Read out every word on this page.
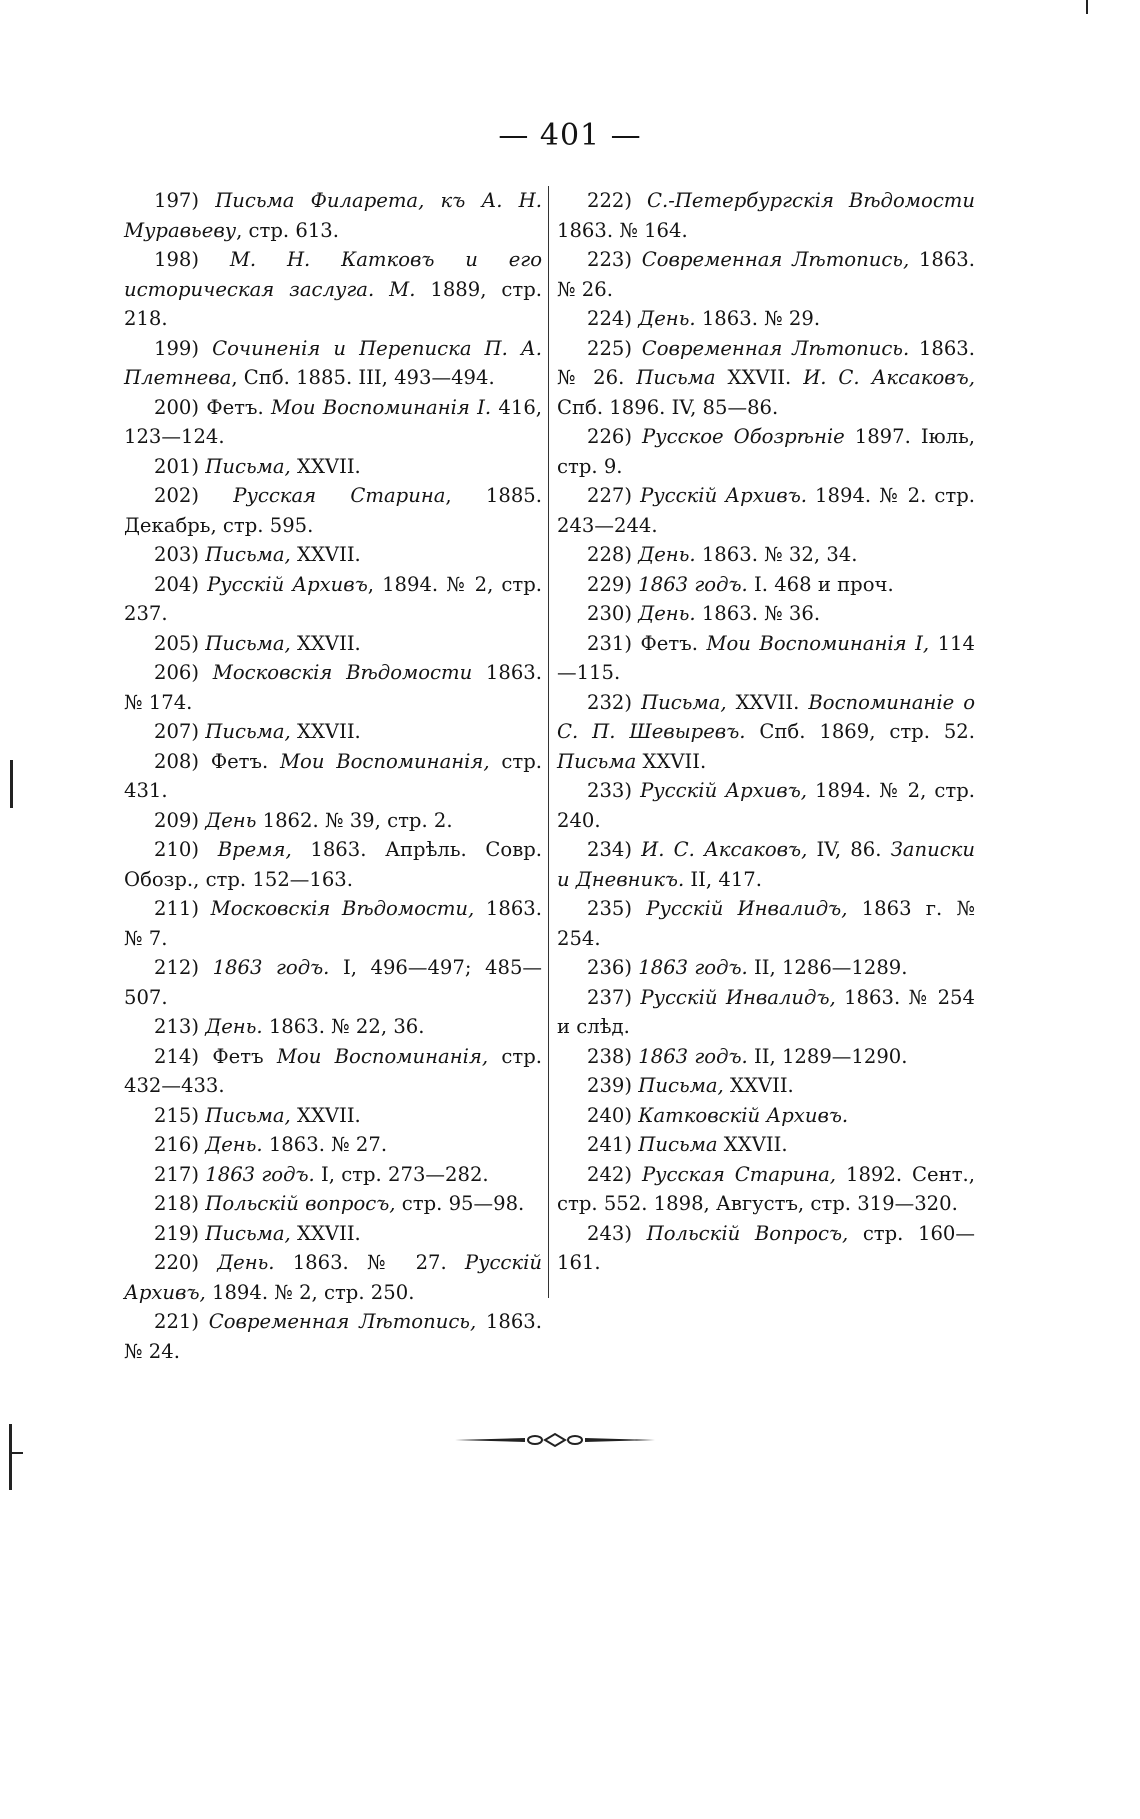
— 401 —

197) Письма Филарета, къ А. Н. Муравьеву, стр. 613.

198) М. Н. Катковъ и его историческая заслуга. М. 1889, стр. 218.

199) Сочиненія и Переписка П. А. Плетнева, Спб. 1885. III, 493—494.

200) Фетъ. Мои Воспоминанія I. 416, 123—124.

201) Письма, XXVII.

202) Русская Старина, 1885. Декабрь, стр. 595.

203) Письма, XXVII.

204) Русскій Архивъ, 1894. № 2, стр. 237.

205) Письма, XXVII.

206) Московскія Вѣдомости 1863. № 174.

207) Письма, XXVII.

208) Фетъ. Мои Воспоминанія, стр. 431.

209) День 1862. № 39, стр. 2.

210) Время, 1863. Апрѣль. Совр. Обозр., стр. 152—163.

211) Московскія Вѣдомости, 1863. № 7.

212) 1863 годъ. I, 496—497; 485—507.

213) День. 1863. № 22, 36.

214) Фетъ Мои Воспоминанія, стр. 432—433.

215) Письма, XXVII.

216) День. 1863. № 27.

217) 1863 годъ. I, стр. 273—282.

218) Польскій вопросъ, стр. 95—98.

219) Письма, XXVII.

220) День. 1863. № 27. Русскій Архивъ, 1894. № 2, стр. 250.

221) Современная Лѣтопись, 1863. № 24.

222) С.-Петербургскія Вѣдомости 1863. № 164.

223) Современная Лѣтопись, 1863. № 26.

224) День. 1863. № 29.

225) Современная Лѣтопись. 1863. № 26. Письма XXVII. И. С. Аксаковъ, Спб. 1896. IV, 85—86.

226) Русское Обозрѣніе 1897. Іюль, стр. 9.

227) Русскій Архивъ. 1894. № 2. стр. 243—244.

228) День. 1863. № 32, 34.

229) 1863 годъ. I. 468 и проч.

230) День. 1863. № 36.

231) Фетъ. Мои Воспоминанія I, 114—115.

232) Письма, XXVII. Воспоминаніе о С. П. Шевыревъ. Спб. 1869, стр. 52. Письма XXVII.

233) Русскій Архивъ, 1894. № 2, стр. 240.

234) И. С. Аксаковъ, IV, 86. Записки и Дневникъ. II, 417.

235) Русскій Инвалидъ, 1863 г. № 254.

236) 1863 годъ. II, 1286—1289.

237) Русскій Инвалидъ, 1863. № 254 и слѣд.

238) 1863 годъ. II, 1289—1290.

239) Письма, XXVII.

240) Катковскій Архивъ.

241) Письма XXVII.

242) Русская Старина, 1892. Сент., стр. 552. 1898, Августъ, стр. 319—320.

243) Польскій Вопросъ, стр. 160—161.
